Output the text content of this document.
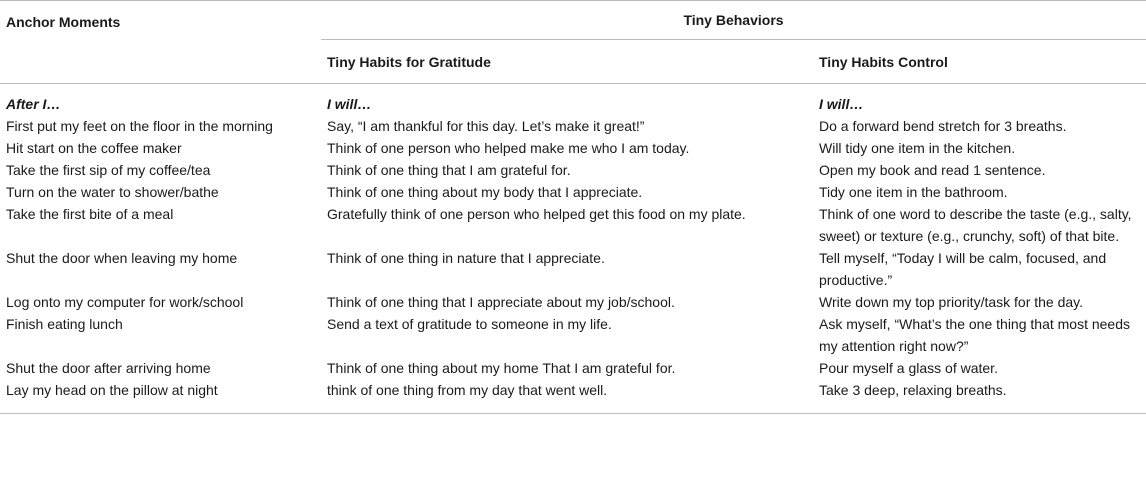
Anchor Moments	Tiny Behaviors	
	Tiny Habits for Gratitude	Tiny Habits Control
After I…	I will…	I will…
First put my feet on the floor in the morning	Say, “I am thankful for this day. Let’s make it great!”	Do a forward bend stretch for 3 breaths.
Hit start on the coffee maker	Think of one person who helped make me who I am today.	Will tidy one item in the kitchen.
Take the first sip of my coffee/tea	Think of one thing that I am grateful for.	Open my book and read 1 sentence.
Turn on the water to shower/bathe	Think of one thing about my body that I appreciate.	Tidy one item in the bathroom.
Take the first bite of a meal	Gratefully think of one person who helped get this food on my plate.	Think of one word to describe the taste (e.g., salty, sweet) or texture (e.g., crunchy, soft) of that bite.
Shut the door when leaving my home	Think of one thing in nature that I appreciate.	Tell myself, “Today I will be calm, focused, and productive.”
Log onto my computer for work/school	Think of one thing that I appreciate about my job/school.	Write down my top priority/task for the day.
Finish eating lunch	Send a text of gratitude to someone in my life.	Ask myself, “What’s the one thing that most needs my attention right now?”
Shut the door after arriving home	Think of one thing about my home That I am grateful for.	Pour myself a glass of water.
Lay my head on the pillow at night	think of one thing from my day that went well.	Take 3 deep, relaxing breaths.
